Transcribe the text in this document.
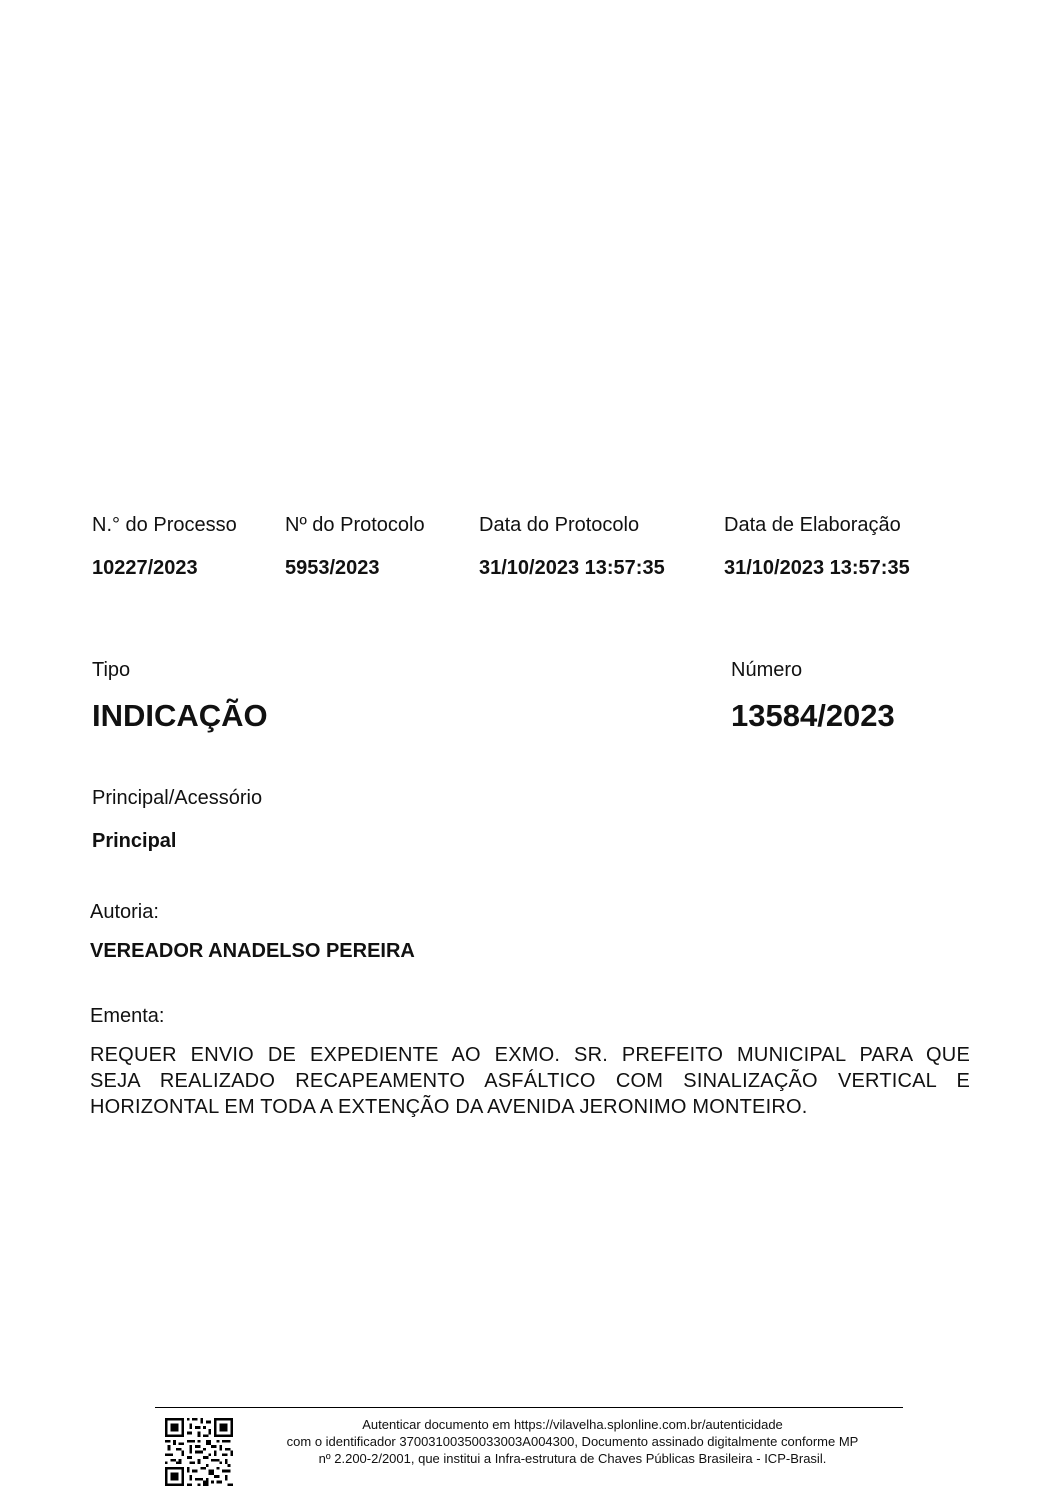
N.° do Processo
10227/2023
Nº do Protocolo
5953/2023
Data do Protocolo
31/10/2023 13:57:35
Data de Elaboração
31/10/2023 13:57:35
Tipo
INDICAÇÃO
Número
13584/2023
Principal/Acessório
Principal
Autoria:
VEREADOR ANADELSO PEREIRA
Ementa:
REQUER ENVIO DE EXPEDIENTE AO EXMO. SR. PREFEITO MUNICIPAL PARA QUE
SEJA REALIZADO RECAPEAMENTO ASFÁLTICO COM SINALIZAÇÃO VERTICAL E
HORIZONTAL EM TODA A EXTENÇÃO DA AVENIDA JERONIMO MONTEIRO.
Autenticar documento em https://vilavelha.splonline.com.br/autenticidade
com o identificador 37003100350033003A004300, Documento assinado digitalmente conforme MP
nº 2.200-2/2001, que institui a Infra-estrutura de Chaves Públicas Brasileira - ICP-Brasil.
